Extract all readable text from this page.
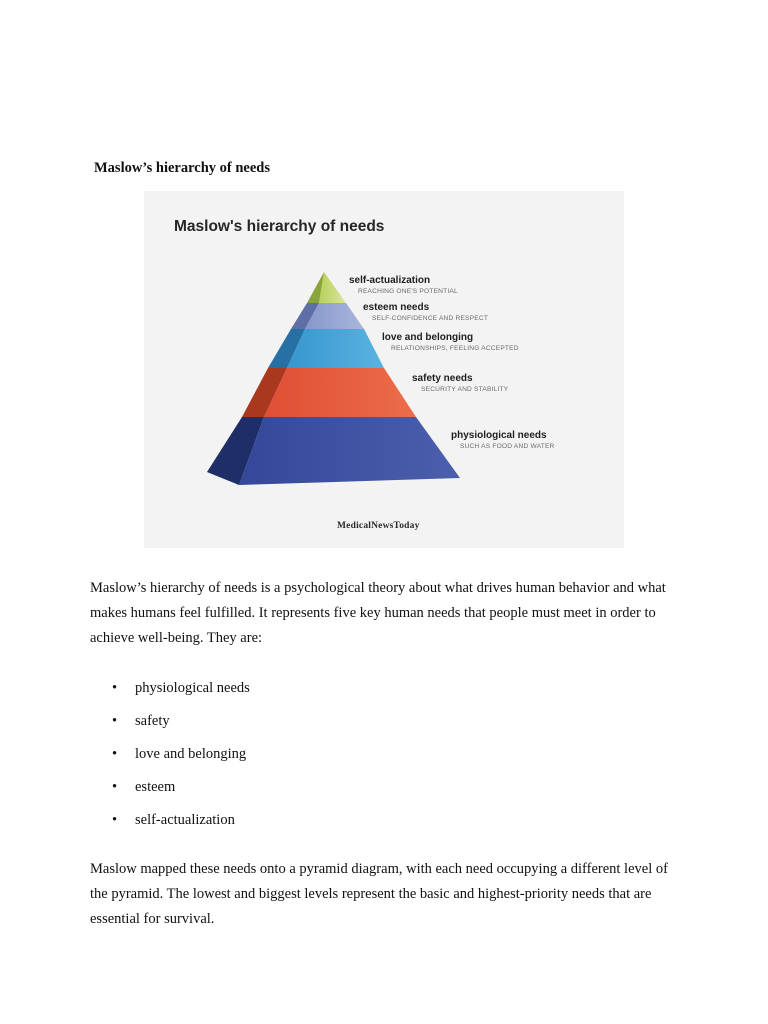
Maslow’s hierarchy of needs
Maslow's hierarchy of needs
self-actualization
REACHING ONE'S POTENTIAL
esteem needs
SELF-CONFIDENCE AND RESPECT
love and belonging
RELATIONSHIPS, FEELING ACCEPTED
safety needs
SECURITY AND STABILITY
physiological needs
SUCH AS FOOD AND WATER
MedicalNewsToday

Maslow’s hierarchy of needs is a psychological theory about what drives human behavior and what makes humans feel fulfilled. It represents five key human needs that people must meet in order to achieve well-being. They are:

• physiological needs
• safety
• love and belonging
• esteem
• self-actualization

Maslow mapped these needs onto a pyramid diagram, with each need occupying a different level of the pyramid. The lowest and biggest levels represent the basic and highest-priority needs that are essential for survival.
